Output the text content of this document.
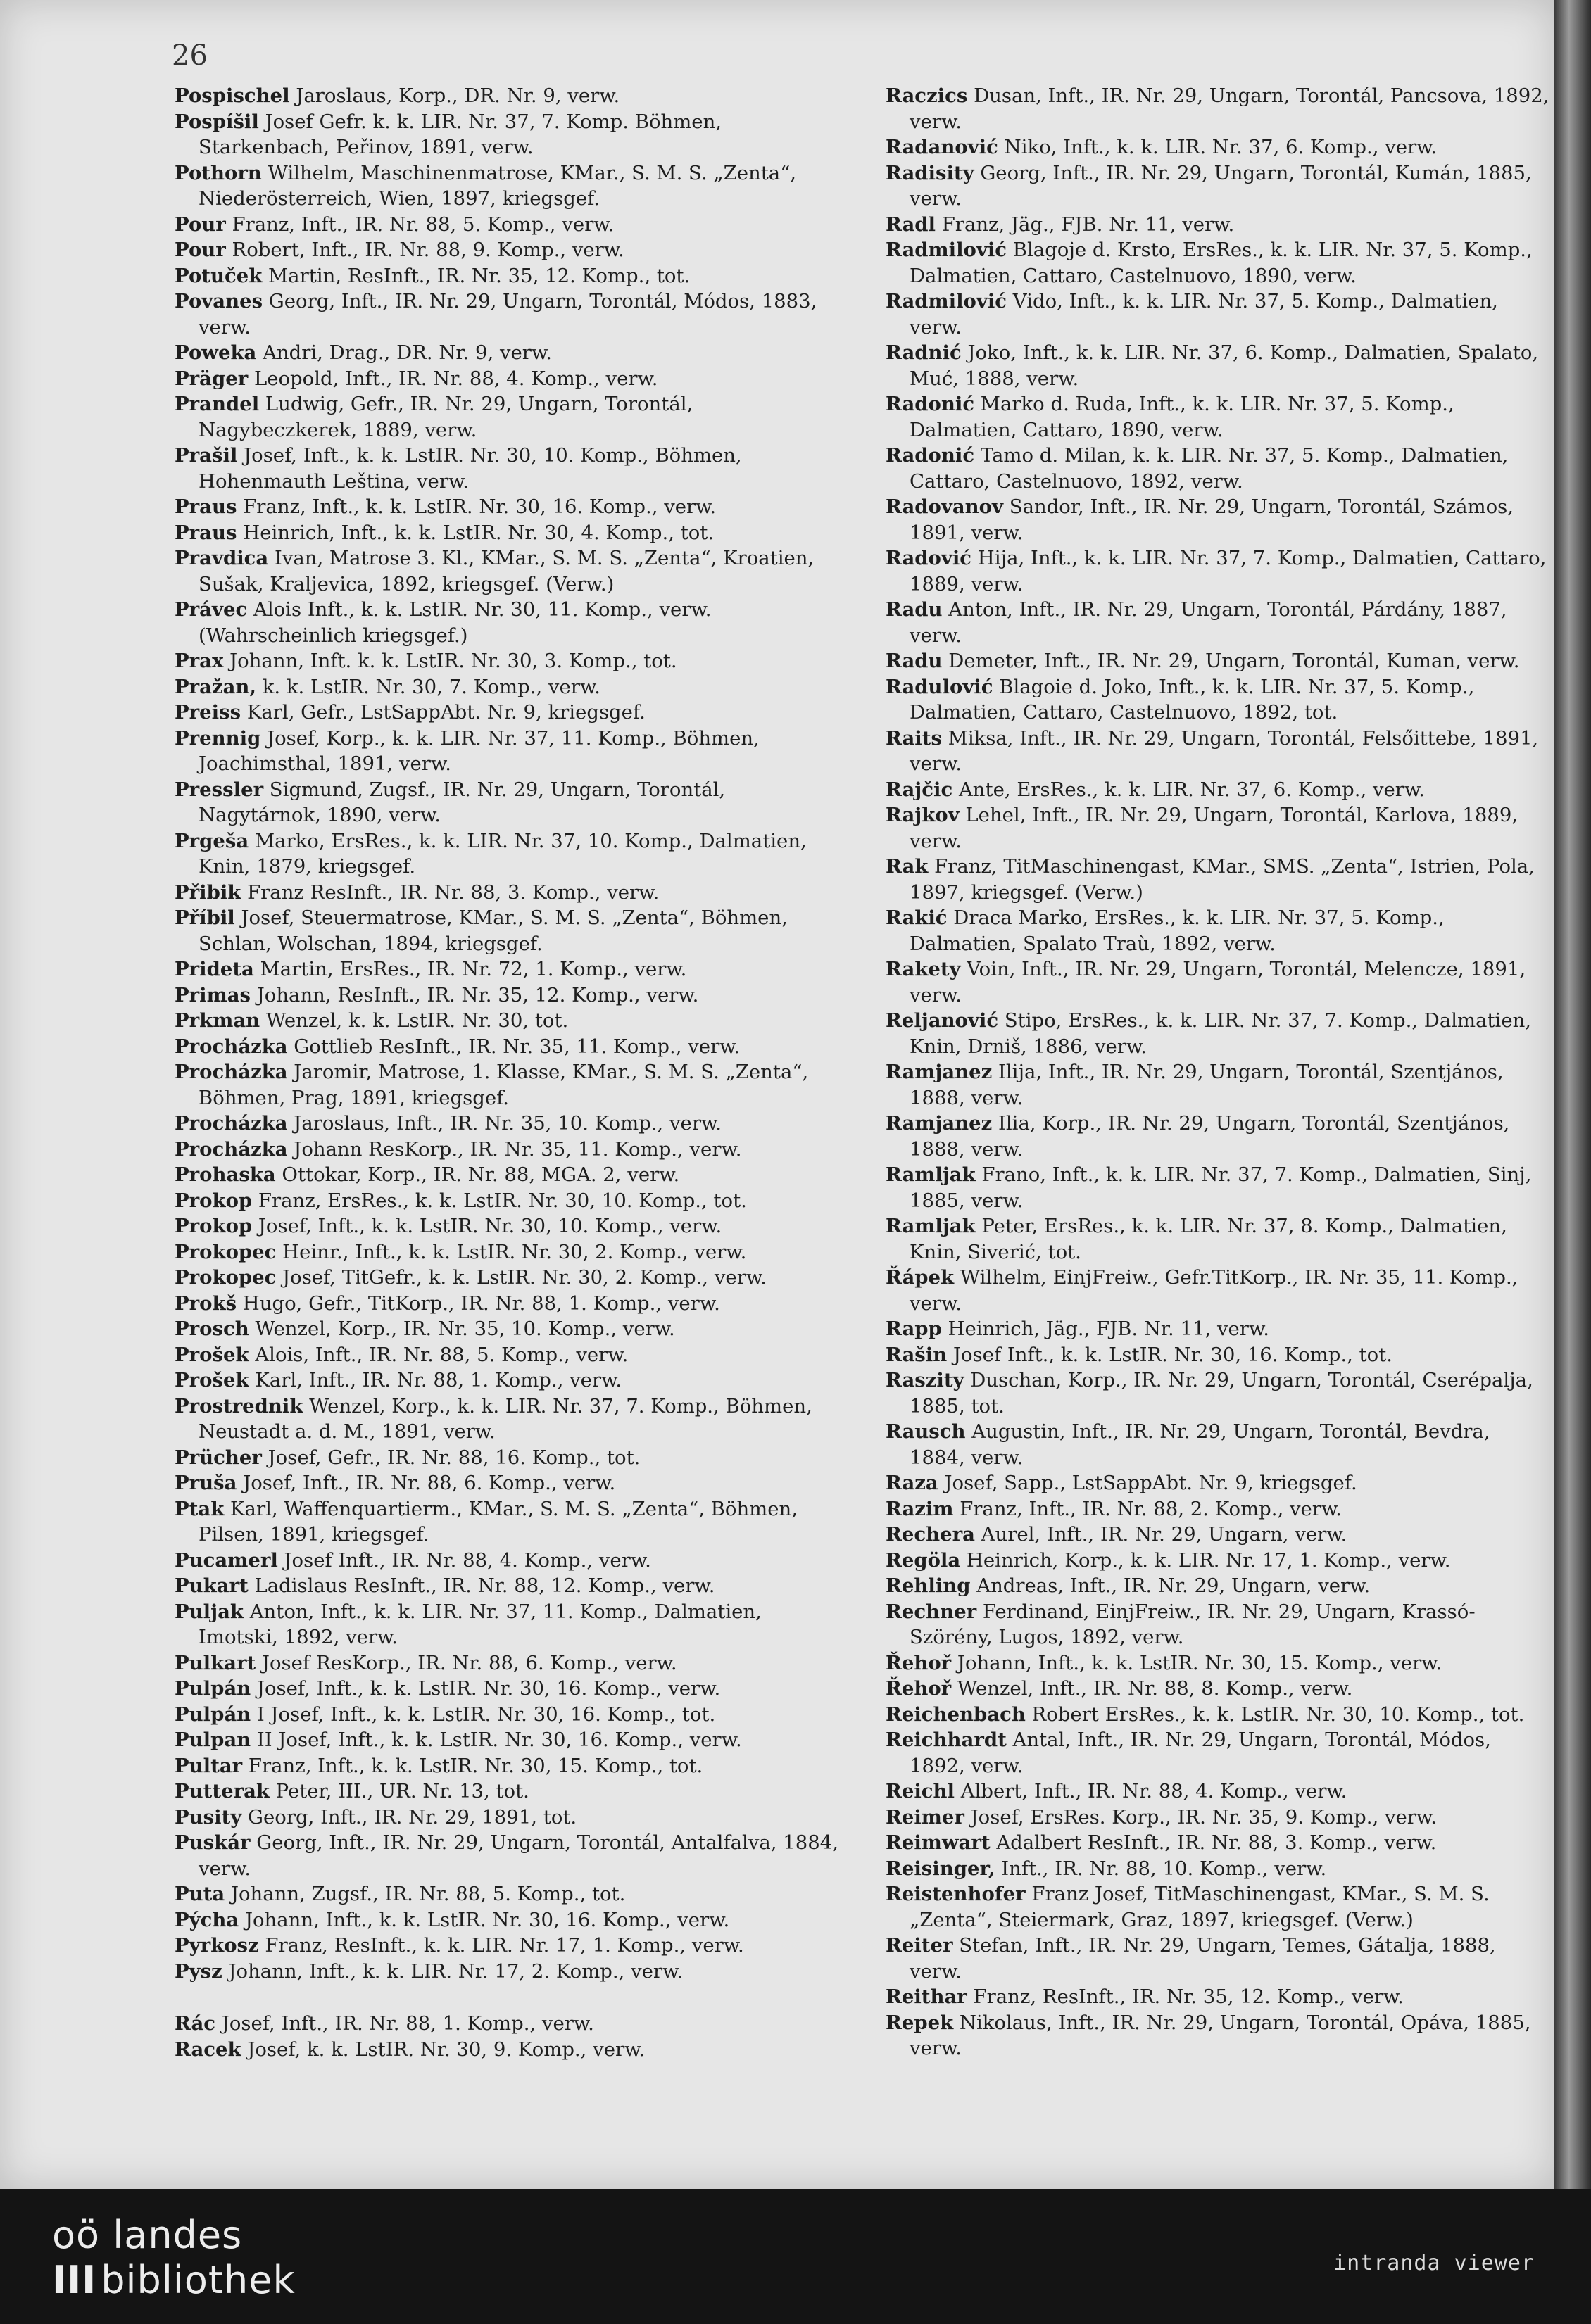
26

Pospischel Jaroslaus, Korp., DR. Nr. 9, verw.

Pospíšil Josef Gefr. k. k. LIR. Nr. 37, 7. Komp. Böhmen, Starkenbach, Peřinov, 1891, verw.

Pothorn Wilhelm, Maschinenmatrose, KMar., S. M. S. „Zenta“, Niederösterreich, Wien, 1897, kriegsgef.

Pour Franz, Inft., IR. Nr. 88, 5. Komp., verw.

Pour Robert, Inft., IR. Nr. 88, 9. Komp., verw.

Potuček Martin, ResInft., IR. Nr. 35, 12. Komp., tot.

Povanes Georg, Inft., IR. Nr. 29, Ungarn, Torontál, Módos, 1883, verw.

Poweka Andri, Drag., DR. Nr. 9, verw.

Präger Leopold, Inft., IR. Nr. 88, 4. Komp., verw.

Prandel Ludwig, Gefr., IR. Nr. 29, Ungarn, Torontál, Nagybeczkerek, 1889, verw.

Prašil Josef, Inft., k. k. LstIR. Nr. 30, 10. Komp., Böhmen, Hohenmauth Leština, verw.

Praus Franz, Inft., k. k. LstIR. Nr. 30, 16. Komp., verw.

Praus Heinrich, Inft., k. k. LstIR. Nr. 30, 4. Komp., tot.

Pravdica Ivan, Matrose 3. Kl., KMar., S. M. S. „Zenta“, Kroatien, Sušak, Kraljevica, 1892, kriegsgef. (Verw.)

Právec Alois Inft., k. k. LstIR. Nr. 30, 11. Komp., verw. (Wahrscheinlich kriegsgef.)

Prax Johann, Inft. k. k. LstIR. Nr. 30, 3. Komp., tot.

Pražan, k. k. LstIR. Nr. 30, 7. Komp., verw.

Preiss Karl, Gefr., LstSappAbt. Nr. 9, kriegsgef.

Prennig Josef, Korp., k. k. LIR. Nr. 37, 11. Komp., Böhmen, Joachimsthal, 1891, verw.

Pressler Sigmund, Zugsf., IR. Nr. 29, Ungarn, Torontál, Nagytárnok, 1890, verw.

Prgeša Marko, ErsRes., k. k. LIR. Nr. 37, 10. Komp., Dalmatien, Knin, 1879, kriegsgef.

Přibik Franz ResInft., IR. Nr. 88, 3. Komp., verw.

Příbil Josef, Steuermatrose, KMar., S. M. S. „Zenta“, Böhmen, Schlan, Wolschan, 1894, kriegsgef.

Prideta Martin, ErsRes., IR. Nr. 72, 1. Komp., verw.

Primas Johann, ResInft., IR. Nr. 35, 12. Komp., verw.

Prkman Wenzel, k. k. LstIR. Nr. 30, tot.

Procházka Gottlieb ResInft., IR. Nr. 35, 11. Komp., verw.

Procházka Jaromir, Matrose, 1. Klasse, KMar., S. M. S. „Zenta“, Böhmen, Prag, 1891, kriegsgef.

Procházka Jaroslaus, Inft., IR. Nr. 35, 10. Komp., verw.

Procházka Johann ResKorp., IR. Nr. 35, 11. Komp., verw.

Prohaska Ottokar, Korp., IR. Nr. 88, MGA. 2, verw.

Prokop Franz, ErsRes., k. k. LstIR. Nr. 30, 10. Komp., tot.

Prokop Josef, Inft., k. k. LstIR. Nr. 30, 10. Komp., verw.

Prokopec Heinr., Inft., k. k. LstIR. Nr. 30, 2. Komp., verw.

Prokopec Josef, TitGefr., k. k. LstIR. Nr. 30, 2. Komp., verw.

Prokš Hugo, Gefr., TitKorp., IR. Nr. 88, 1. Komp., verw.

Prosch Wenzel, Korp., IR. Nr. 35, 10. Komp., verw.

Prošek Alois, Inft., IR. Nr. 88, 5. Komp., verw.

Prošek Karl, Inft., IR. Nr. 88, 1. Komp., verw.

Prostrednik Wenzel, Korp., k. k. LIR. Nr. 37, 7. Komp., Böhmen, Neustadt a. d. M., 1891, verw.

Prücher Josef, Gefr., IR. Nr. 88, 16. Komp., tot.

Pruša Josef, Inft., IR. Nr. 88, 6. Komp., verw.

Ptak Karl, Waffenquartierm., KMar., S. M. S. „Zenta“, Böhmen, Pilsen, 1891, kriegsgef.

Pucamerl Josef Inft., IR. Nr. 88, 4. Komp., verw.

Pukart Ladislaus ResInft., IR. Nr. 88, 12. Komp., verw.

Puljak Anton, Inft., k. k. LIR. Nr. 37, 11. Komp., Dalmatien, Imotski, 1892, verw.

Pulkart Josef ResKorp., IR. Nr. 88, 6. Komp., verw.

Pulpán Josef, Inft., k. k. LstIR. Nr. 30, 16. Komp., verw.

Pulpán I Josef, Inft., k. k. LstIR. Nr. 30, 16. Komp., tot.

Pulpan II Josef, Inft., k. k. LstIR. Nr. 30, 16. Komp., verw.

Pultar Franz, Inft., k. k. LstIR. Nr. 30, 15. Komp., tot.

Putterak Peter, III., UR. Nr. 13, tot.

Pusity Georg, Inft., IR. Nr. 29, 1891, tot.

Puskár Georg, Inft., IR. Nr. 29, Ungarn, Torontál, Antalfalva, 1884, verw.

Puta Johann, Zugsf., IR. Nr. 88, 5. Komp., tot.

Pýcha Johann, Inft., k. k. LstIR. Nr. 30, 16. Komp., verw.

Pyrkosz Franz, ResInft., k. k. LIR. Nr. 17, 1. Komp., verw.

Pysz Johann, Inft., k. k. LIR. Nr. 17, 2. Komp., verw.

Rác Josef, Inft., IR. Nr. 88, 1. Komp., verw.

Racek Josef, k. k. LstIR. Nr. 30, 9. Komp., verw.

Raczics Dusan, Inft., IR. Nr. 29, Ungarn, Torontál, Pancsova, 1892, verw.

Radanović Niko, Inft., k. k. LIR. Nr. 37, 6. Komp., verw.

Radisity Georg, Inft., IR. Nr. 29, Ungarn, Torontál, Kumán, 1885, verw.

Radl Franz, Jäg., FJB. Nr. 11, verw.

Radmilović Blagoje d. Krsto, ErsRes., k. k. LIR. Nr. 37, 5. Komp., Dalmatien, Cattaro, Castelnuovo, 1890, verw.

Radmilović Vido, Inft., k. k. LIR. Nr. 37, 5. Komp., Dalmatien, verw.

Radnić Joko, Inft., k. k. LIR. Nr. 37, 6. Komp., Dalmatien, Spalato, Muć, 1888, verw.

Radonić Marko d. Ruda, Inft., k. k. LIR. Nr. 37, 5. Komp., Dalmatien, Cattaro, 1890, verw.

Radonić Tamo d. Milan, k. k. LIR. Nr. 37, 5. Komp., Dalmatien, Cattaro, Castelnuovo, 1892, verw.

Radovanov Sandor, Inft., IR. Nr. 29, Ungarn, Torontál, Számos, 1891, verw.

Radović Hija, Inft., k. k. LIR. Nr. 37, 7. Komp., Dalmatien, Cattaro, 1889, verw.

Radu Anton, Inft., IR. Nr. 29, Ungarn, Torontál, Párdány, 1887, verw.

Radu Demeter, Inft., IR. Nr. 29, Ungarn, Torontál, Kuman, verw.

Radulović Blagoie d. Joko, Inft., k. k. LIR. Nr. 37, 5. Komp., Dalmatien, Cattaro, Castelnuovo, 1892, tot.

Raits Miksa, Inft., IR. Nr. 29, Ungarn, Torontál, Felsőittebe, 1891, verw.

Rajčic Ante, ErsRes., k. k. LIR. Nr. 37, 6. Komp., verw.

Rajkov Lehel, Inft., IR. Nr. 29, Ungarn, Torontál, Karlova, 1889, verw.

Rak Franz, TitMaschinengast, KMar., SMS. „Zenta“, Istrien, Pola, 1897, kriegsgef. (Verw.)

Rakić Draca Marko, ErsRes., k. k. LIR. Nr. 37, 5. Komp., Dalmatien, Spalato Traù, 1892, verw.

Rakety Voin, Inft., IR. Nr. 29, Ungarn, Torontál, Melencze, 1891, verw.

Reljanović Stipo, ErsRes., k. k. LIR. Nr. 37, 7. Komp., Dalmatien, Knin, Drniš, 1886, verw.

Ramjanez Ilija, Inft., IR. Nr. 29, Ungarn, Torontál, Szentjános, 1888, verw.

Ramjanez Ilia, Korp., IR. Nr. 29, Ungarn, Torontál, Szentjános, 1888, verw.

Ramljak Frano, Inft., k. k. LIR. Nr. 37, 7. Komp., Dalmatien, Sinj, 1885, verw.

Ramljak Peter, ErsRes., k. k. LIR. Nr. 37, 8. Komp., Dalmatien, Knin, Siverić, tot.

Řápek Wilhelm, EinjFreiw., Gefr.TitKorp., IR. Nr. 35, 11. Komp., verw.

Rapp Heinrich, Jäg., FJB. Nr. 11, verw.

Rašin Josef Inft., k. k. LstIR. Nr. 30, 16. Komp., tot.

Raszity Duschan, Korp., IR. Nr. 29, Ungarn, Torontál, Cserépalja, 1885, tot.

Rausch Augustin, Inft., IR. Nr. 29, Ungarn, Torontál, Bevdra, 1884, verw.

Raza Josef, Sapp., LstSappAbt. Nr. 9, kriegsgef.

Razim Franz, Inft., IR. Nr. 88, 2. Komp., verw.

Rechera Aurel, Inft., IR. Nr. 29, Ungarn, verw.

Regöla Heinrich, Korp., k. k. LIR. Nr. 17, 1. Komp., verw.

Rehling Andreas, Inft., IR. Nr. 29, Ungarn, verw.

Rechner Ferdinand, EinjFreiw., IR. Nr. 29, Ungarn, Krassó-Szörény, Lugos, 1892, verw.

Řehoř Johann, Inft., k. k. LstIR. Nr. 30, 15. Komp., verw.

Řehoř Wenzel, Inft., IR. Nr. 88, 8. Komp., verw.

Reichenbach Robert ErsRes., k. k. LstIR. Nr. 30, 10. Komp., tot.

Reichhardt Antal, Inft., IR. Nr. 29, Ungarn, Torontál, Módos, 1892, verw.

Reichl Albert, Inft., IR. Nr. 88, 4. Komp., verw.

Reimer Josef, ErsRes. Korp., IR. Nr. 35, 9. Komp., verw.

Reimwart Adalbert ResInft., IR. Nr. 88, 3. Komp., verw.

Reisinger, Inft., IR. Nr. 88, 10. Komp., verw.

Reistenhofer Franz Josef, TitMaschinengast, KMar., S. M. S. „Zenta“, Steiermark, Graz, 1897, kriegsgef. (Verw.)

Reiter Stefan, Inft., IR. Nr. 29, Ungarn, Temes, Gátalja, 1888, verw.

Reithar Franz, ResInft., IR. Nr. 35, 12. Komp., verw.

Repek Nikolaus, Inft., IR. Nr. 29, Ungarn, Torontál, Opáva, 1885, verw.

oö landes
III bibliothek	intranda viewer
